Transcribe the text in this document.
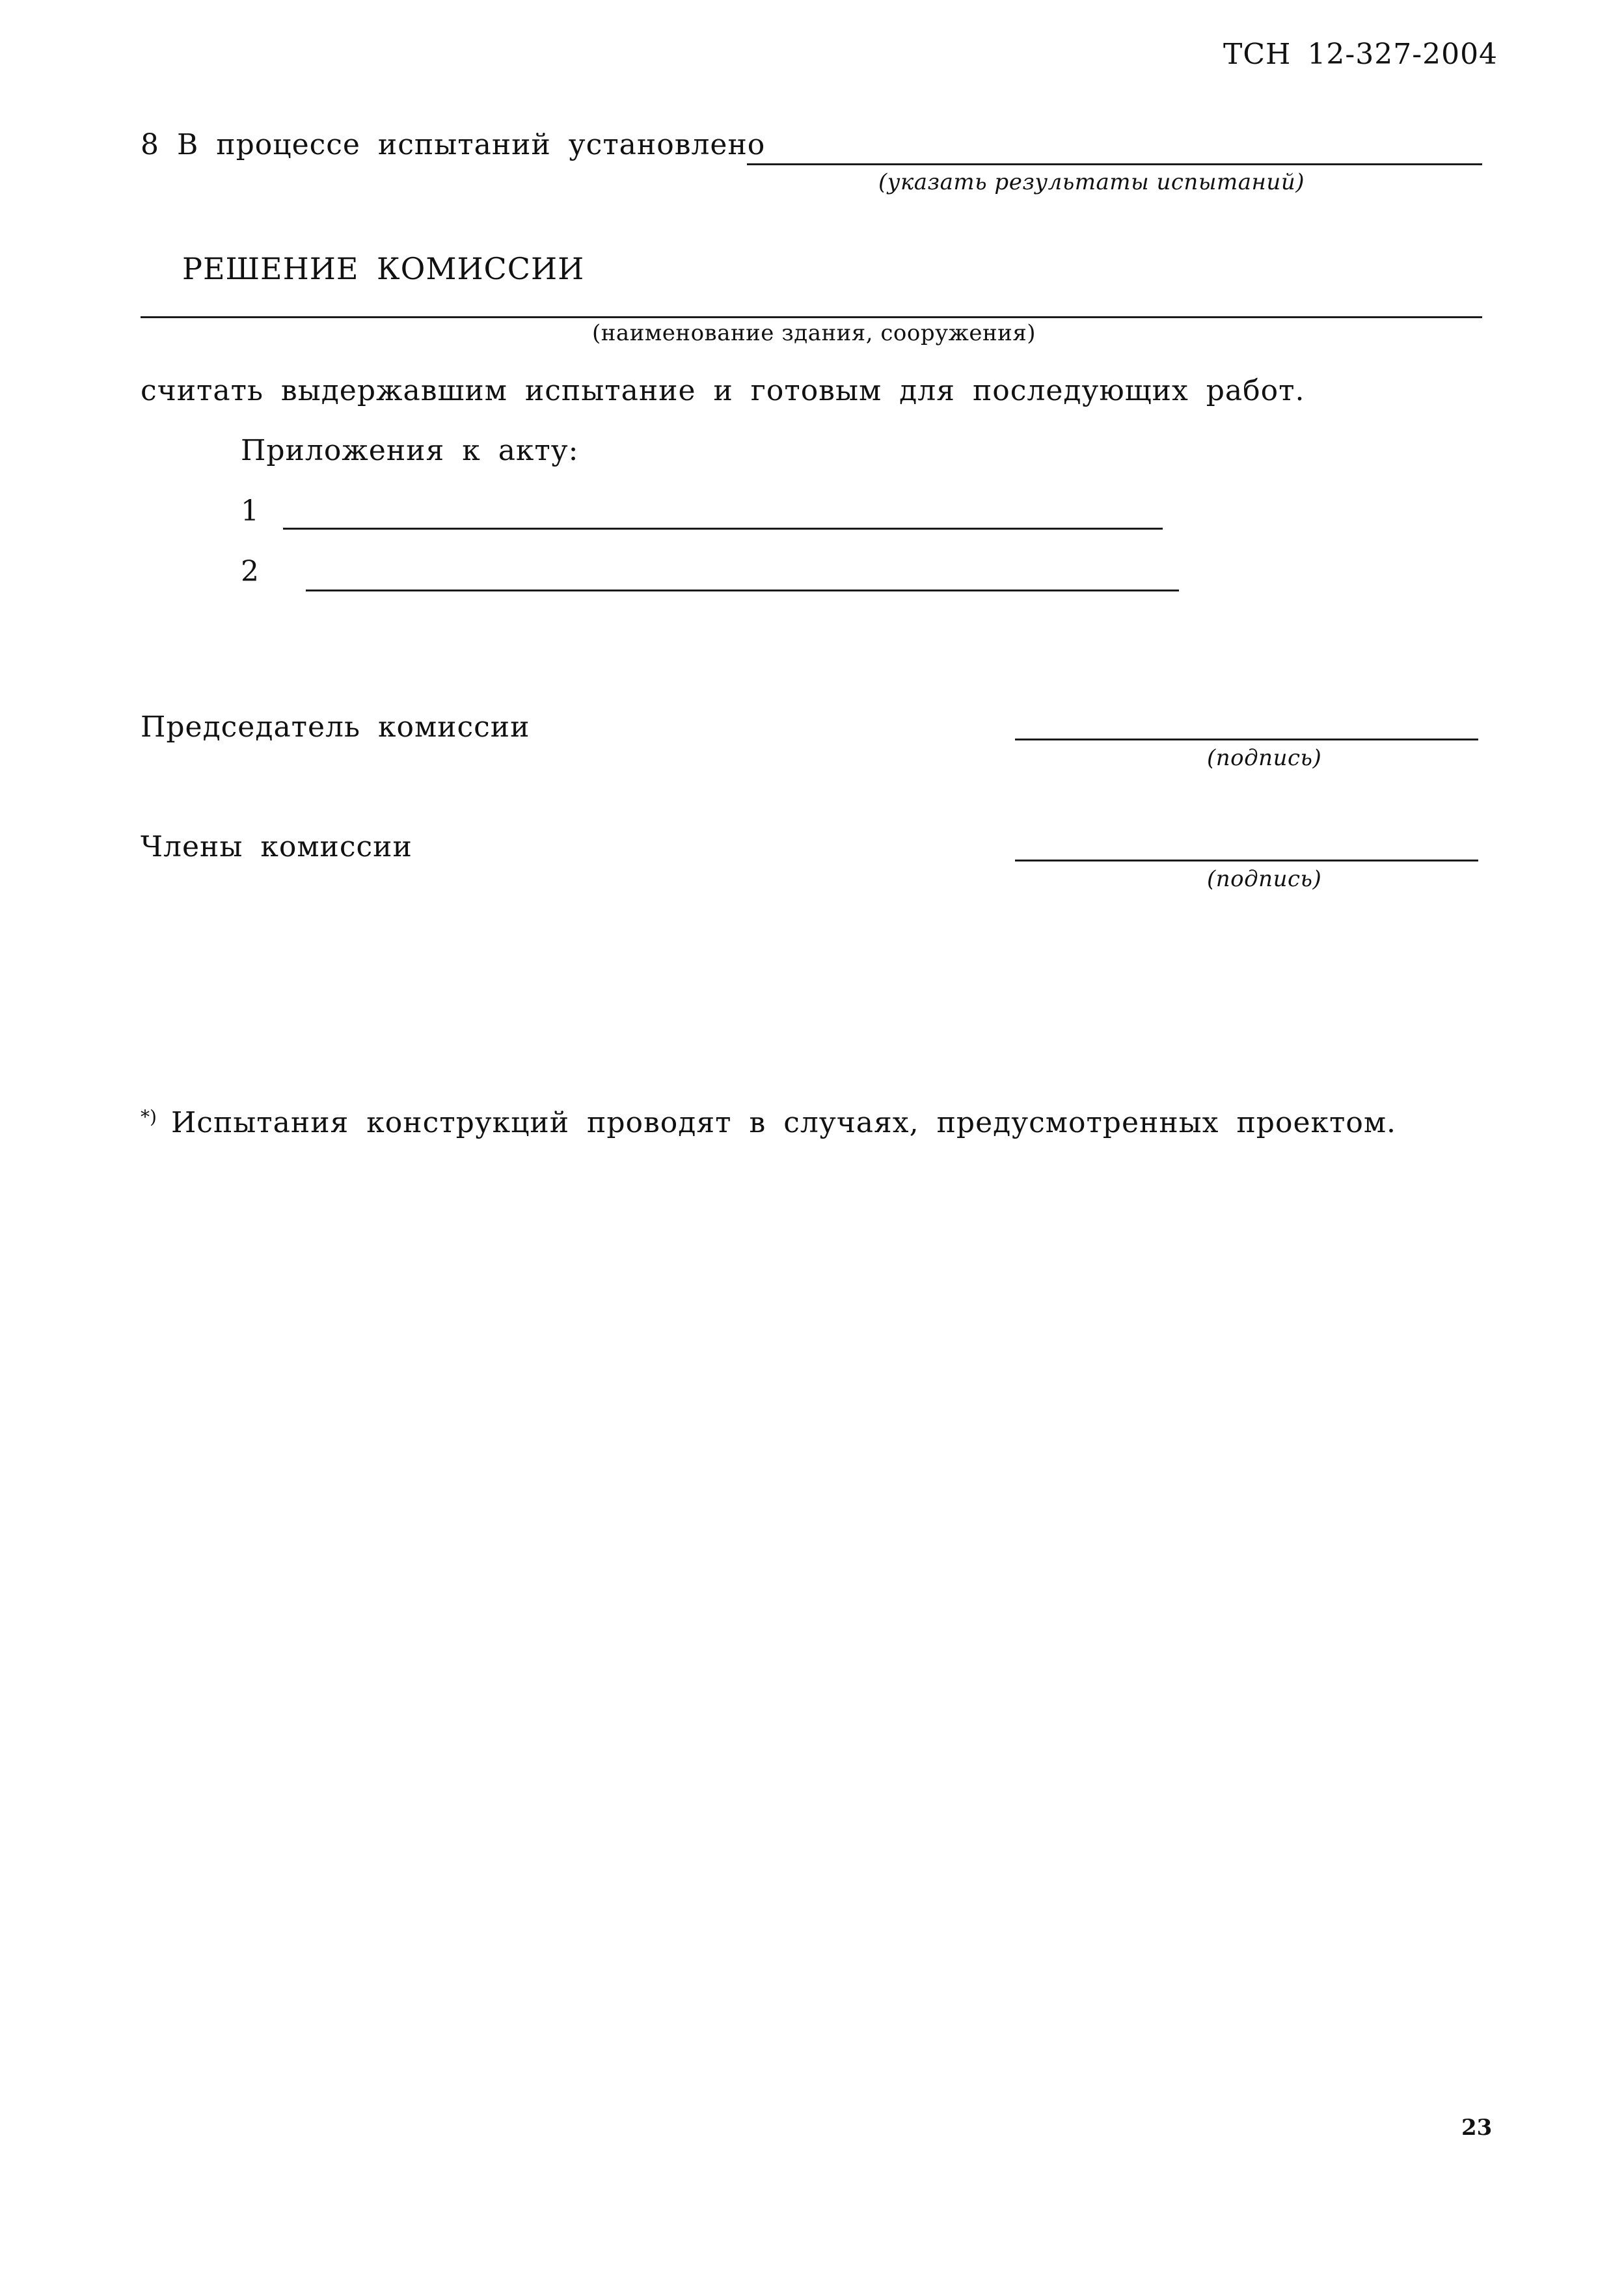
ТСН 12-327-2004
8 В процессе испытаний установлено
(указать результаты испытаний)
РЕШЕНИЕ КОМИССИИ
(наименование здания, сооружения)
считать выдержавшим испытание и готовым для последующих работ.
Приложения к акту:
1
2
Председатель комиссии
(подпись)
Члены комиссии
(подпись)
*) Испытания конструкций проводят в случаях, предусмотренных проектом.
23
